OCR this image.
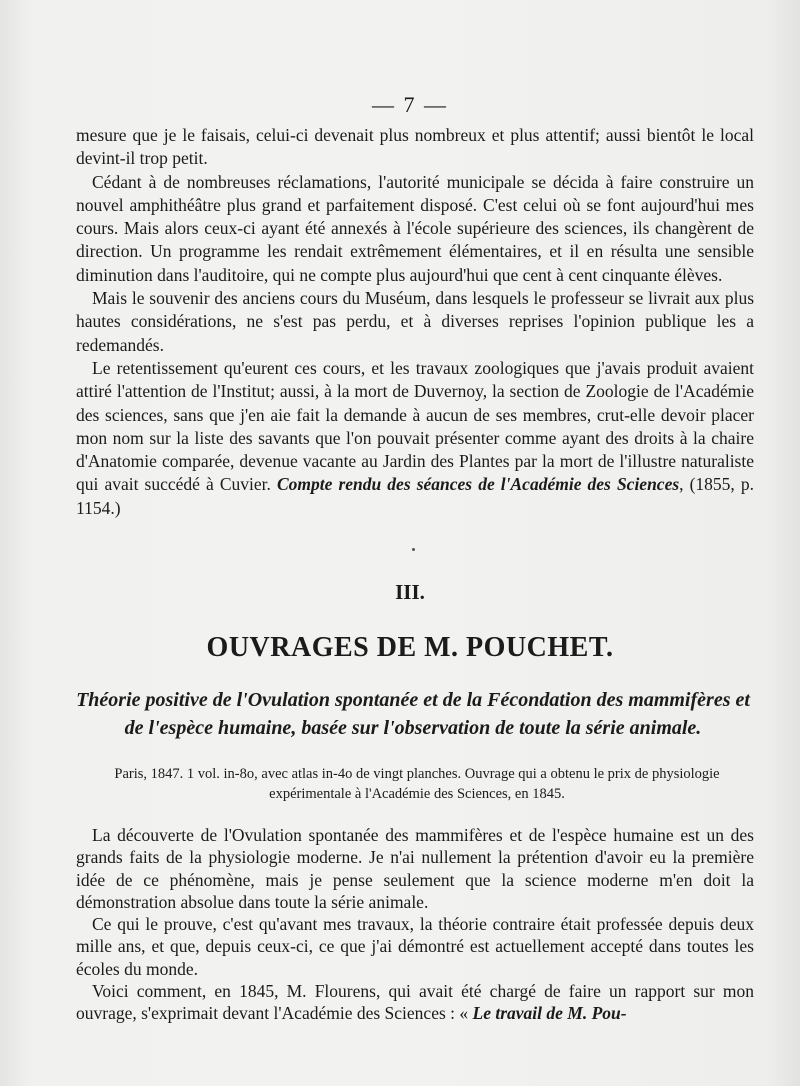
— 7 —

mesure que je le faisais, celui-ci devenait plus nombreux et plus attentif; aussi bientôt le local devint-il trop petit.

Cédant à de nombreuses réclamations, l'autorité municipale se décida à faire construire un nouvel amphithéâtre plus grand et parfaitement disposé. C'est celui où se font aujourd'hui mes cours. Mais alors ceux-ci ayant été annexés à l'école supérieure des sciences, ils changèrent de direction. Un programme les rendait extrêmement élémentaires, et il en résulta une sensible diminution dans l'auditoire, qui ne compte plus aujourd'hui que cent à cent cinquante élèves.

Mais le souvenir des anciens cours du Muséum, dans lesquels le professeur se livrait aux plus hautes considérations, ne s'est pas perdu, et à diverses reprises l'opinion publique les a redemandés.

Le retentissement qu'eurent ces cours, et les travaux zoologiques que j'avais produit avaient attiré l'attention de l'Institut; aussi, à la mort de Duvernoy, la section de Zoologie de l'Académie des sciences, sans que j'en aie fait la demande à aucun de ses membres, crut-elle devoir placer mon nom sur la liste des savants que l'on pouvait présenter comme ayant des droits à la chaire d'Anatomie comparée, devenue vacante au Jardin des Plantes par la mort de l'illustre naturaliste qui avait succédé à Cuvier. Compte rendu des séances de l'Académie des Sciences, (1855, p. 1154.)

III.
OUVRAGES DE M. POUCHET.
Théorie positive de l'Ovulation spontanée et de la Fécondation des mammifères et
de l'espèce humaine, basée sur l'observation de toute la série animale.
Paris, 1847. 1 vol. in-8o, avec atlas in-4o de vingt planches. Ouvrage qui a obtenu le prix de physiologie
expérimentale à l'Académie des Sciences, en 1845.

La découverte de l'Ovulation spontanée des mammifères et de l'espèce humaine est un des grands faits de la physiologie moderne. Je n'ai nullement la prétention d'avoir eu la première idée de ce phénomène, mais je pense seulement que la science moderne m'en doit la démonstration absolue dans toute la série animale.

Ce qui le prouve, c'est qu'avant mes travaux, la théorie contraire était professée depuis deux mille ans, et que, depuis ceux-ci, ce que j'ai démontré est actuellement accepté dans toutes les écoles du monde.

Voici comment, en 1845, M. Flourens, qui avait été chargé de faire un rapport sur mon ouvrage, s'exprimait devant l'Académie des Sciences : « Le travail de M. Pou-
